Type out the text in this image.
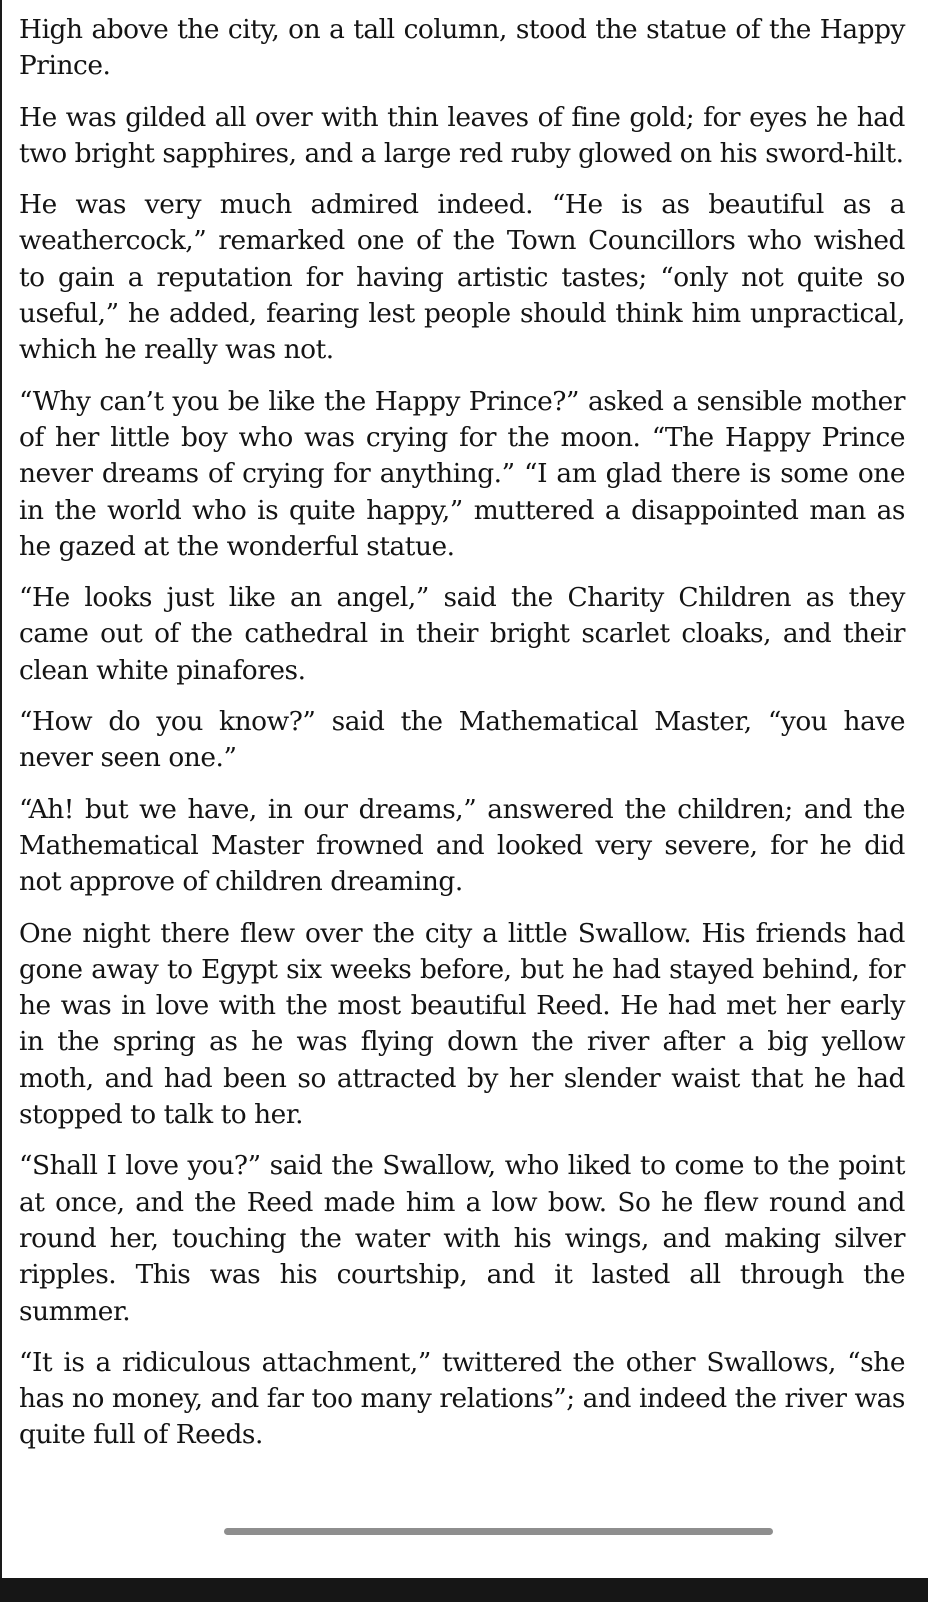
High above the city, on a tall column, stood the statue of the Happy Prince.

He was gilded all over with thin leaves of fine gold; for eyes he had two bright sapphires, and a large red ruby glowed on his sword-hilt.

He was very much admired indeed. “He is as beautiful as a weathercock,” remarked one of the Town Councillors who wished to gain a reputation for having artistic tastes; “only not quite so useful,” he added, fearing lest people should think him unpractical, which he really was not.

“Why can’t you be like the Happy Prince?” asked a sensible mother of her little boy who was crying for the moon. “The Happy Prince never dreams of crying for anything.” “I am glad there is some one in the world who is quite happy,” muttered a disappointed man as he gazed at the wonderful statue.

“He looks just like an angel,” said the Charity Children as they came out of the cathedral in their bright scarlet cloaks, and their clean white pinafores.

“How do you know?” said the Mathematical Master, “you have never seen one.”

“Ah! but we have, in our dreams,” answered the children; and the Mathematical Master frowned and looked very severe, for he did not approve of children dreaming.

One night there flew over the city a little Swallow. His friends had gone away to Egypt six weeks before, but he had stayed behind, for he was in love with the most beautiful Reed. He had met her early in the spring as he was flying down the river after a big yellow moth, and had been so attracted by her slender waist that he had stopped to talk to her.

“Shall I love you?” said the Swallow, who liked to come to the point at once, and the Reed made him a low bow. So he flew round and round her, touching the water with his wings, and making silver ripples. This was his courtship, and it lasted all through the summer.

“It is a ridiculous attachment,” twittered the other Swallows, “she has no money, and far too many relations”; and indeed the river was quite full of Reeds.
